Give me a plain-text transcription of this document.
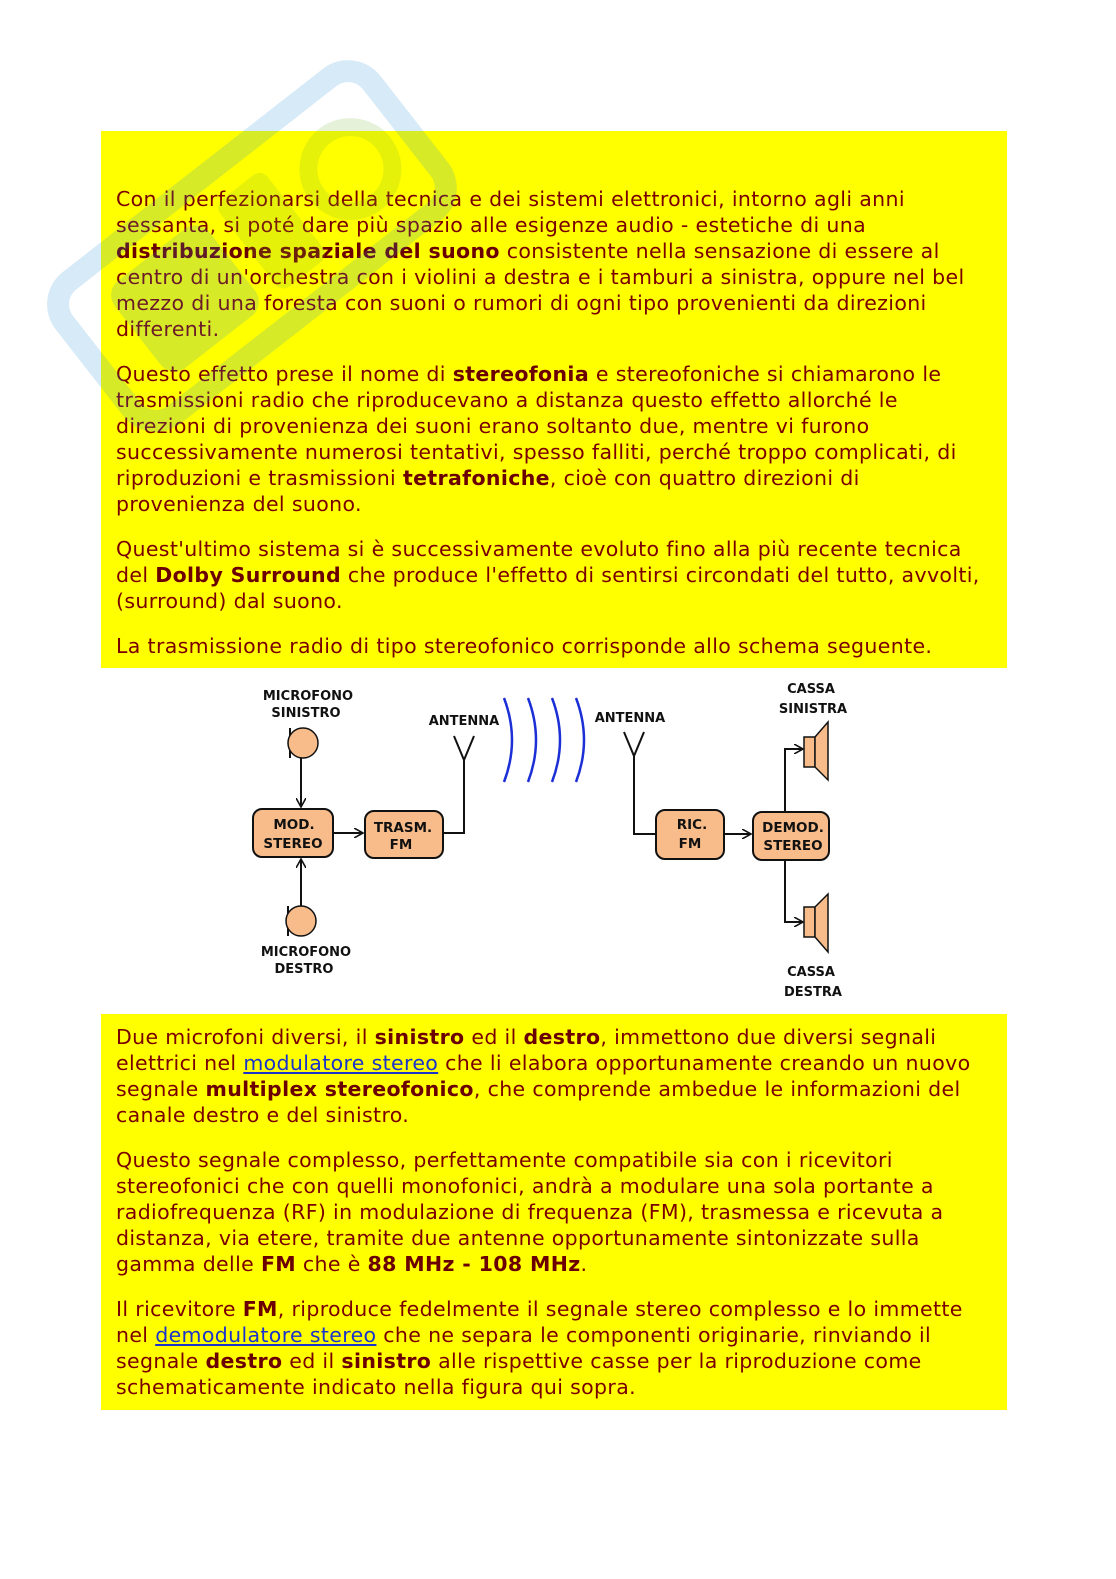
Con il perfezionarsi della tecnica e dei sistemi elettronici, intorno agli anni sessanta, si poté dare più spazio alle esigenze audio - estetiche di una distribuzione spaziale del suono consistente nella sensazione di essere al centro di un'orchestra con i violini a destra e i tamburi a sinistra, oppure nel bel mezzo di una foresta con suoni o rumori di ogni tipo provenienti da direzioni differenti.

Questo effetto prese il nome di stereofonia e stereofoniche si chiamarono le trasmissioni radio che riproducevano a distanza questo effetto allorché le direzioni di provenienza dei suoni erano soltanto due, mentre vi furono successivamente numerosi tentativi, spesso falliti, perché troppo complicati, di riproduzioni e trasmissioni tetrafoniche, cioè con quattro direzioni di provenienza del suono.

Quest'ultimo sistema si è successivamente evoluto fino alla più recente tecnica del Dolby Surround che produce l'effetto di sentirsi circondati del tutto, avvolti, (surround) dal suono.

La trasmissione radio di tipo stereofonico corrisponde allo schema seguente.

MICROFONO
SINISTRO
MOD.
STEREO
MICROFONO
DESTRO
TRASM.
FM
ANTENNA	ANTENNA
RIC.
FM
DEMOD.
STEREO
CASSA
SINISTRA
CASSA
DESTRA

Due microfoni diversi, il sinistro ed il destro, immettono due diversi segnali elettrici nel modulatore stereo che li elabora opportunamente creando un nuovo segnale multiplex stereofonico, che comprende ambedue le informazioni del canale destro e del sinistro.

Questo segnale complesso, perfettamente compatibile sia con i ricevitori stereofonici che con quelli monofonici, andrà a modulare una sola portante a radiofrequenza (RF) in modulazione di frequenza (FM), trasmessa e ricevuta a distanza, via etere, tramite due antenne opportunamente sintonizzate sulla gamma delle FM che è 88 MHz - 108 MHz.

Il ricevitore FM, riproduce fedelmente il segnale stereo complesso e lo immette nel demodulatore stereo che ne separa le componenti originarie, rinviando il segnale destro ed il sinistro alle rispettive casse per la riproduzione come schematicamente indicato nella figura qui sopra.
